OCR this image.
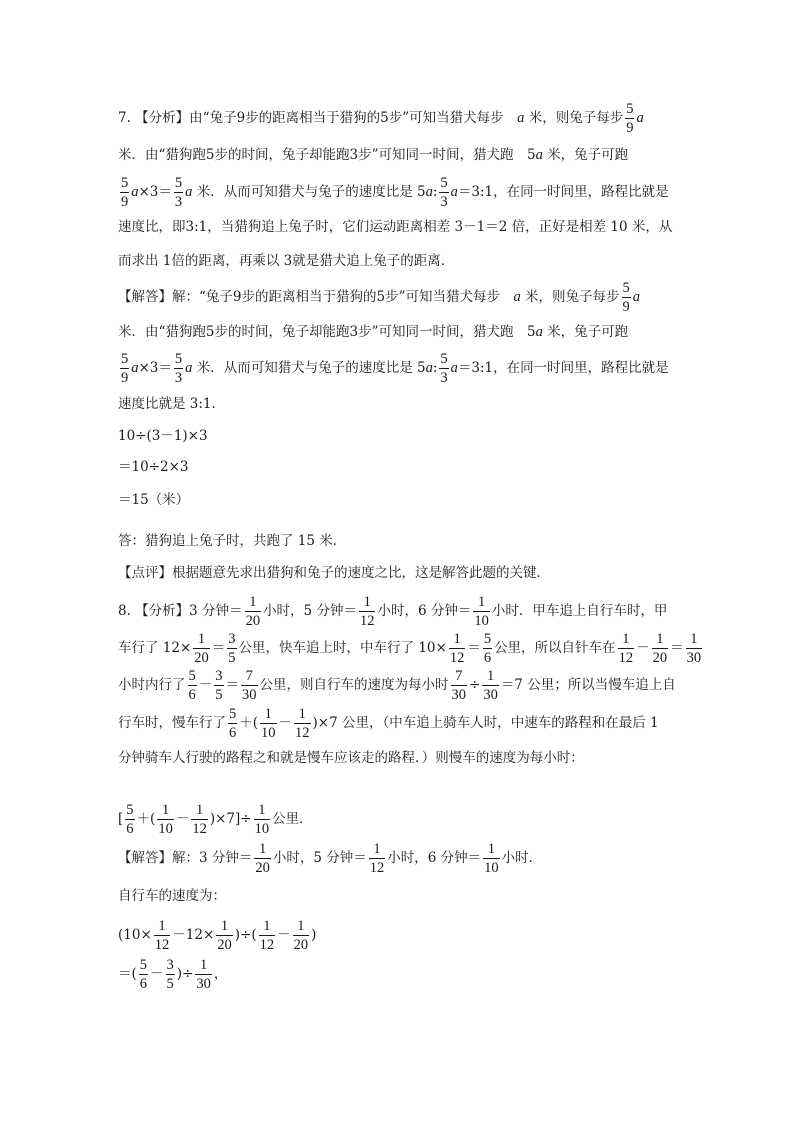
7. 【分析】由“兔子9步的距离相当于猎狗的5步”可知当猎犬每步　a 米，则兔子每步 $\frac{5}{9}$ a
米．由“猎狗跑5步的时间，兔子却能跑3步”可知同一时间，猎犬跑　5a 米，兔子可跑
$\frac{5}{9} a\times 3= \frac{5}{3}$ a 米．从而可知猎犬与兔子的速度比是 5a: $\frac{5}{3}$ a＝3:1，在同一时间里，路程比就是
速度比，即3:1，当猎狗追上兔子时，它们运动距离相差 3－1＝2 倍，正好是相差 10 米，从
而求出 1倍的距离，再乘以 3就是猎犬追上兔子的距离．
【解答】解：“兔子9步的距离相当于猎狗的5步”可知当猎犬每步　a 米，则兔子每步 $\frac{5}{9}$ a
米．由“猎狗跑5步的时间，兔子却能跑3步”可知同一时间，猎犬跑　5a 米，兔子可跑
$\frac{5}{9} a\times 3= \frac{5}{3}$ a 米．从而可知猎犬与兔子的速度比是 5a: $\frac{5}{3}$ a＝3:1，在同一时间里，路程比就是
速度比就是 3:1．
10÷(3－1)×3
＝10÷2×3
＝15（米）
答：猎狗追上兔子时，共跑了 15 米．
【点评】根据题意先求出猎狗和兔子的速度之比，这是解答此题的关键．
8. 【分析】3 分钟＝ $\frac{1}{20}$ 小时，5 分钟＝ $\frac{1}{12}$ 小时，6 分钟＝ $\frac{1}{10}$ 小时．甲车追上自行车时，甲
车行了 $12\times \frac{1}{20} = \frac{3}{5}$ 公里，快车追上时，中车行了 $10\times \frac{1}{12} = \frac{5}{6}$ 公里，所以自针车在 $\frac{1}{12} - \frac{1}{20} = \frac{1}{30}$
小时内行了 $\frac{5}{6} - \frac{3}{5} = \frac{7}{30}$ 公里，则自行车的速度为每小时 $\frac{7}{30} \div \frac{1}{30} =7$ 公里；所以当慢车追上自
行车时，慢车行了 $\frac{5}{6}$ ＋( $\frac{1}{10} - \frac{1}{12} )\times 7$ 公里，（中车追上骑车人时，中速车的路程和在最后 1
分钟骑车人行驶的路程之和就是慢车应该走的路程．）则慢车的速度为每小时：
[ $\frac{5}{6}$ ＋( $\frac{1}{10} - \frac{1}{12} )\times 7]\div \frac{1}{10}$ 公里．
【解答】解：3 分钟＝ $\frac{1}{20}$ 小时，5 分钟＝ $\frac{1}{12}$ 小时，6 分钟＝ $\frac{1}{10}$ 小时．
自行车的速度为：
($10\times \frac{1}{12} -12\times \frac{1}{20}$ )÷( $\frac{1}{12} - \frac{1}{20}$ )
＝( $\frac{5}{6} - \frac{3}{5}$ )÷ $\frac{1}{30}$ ，
